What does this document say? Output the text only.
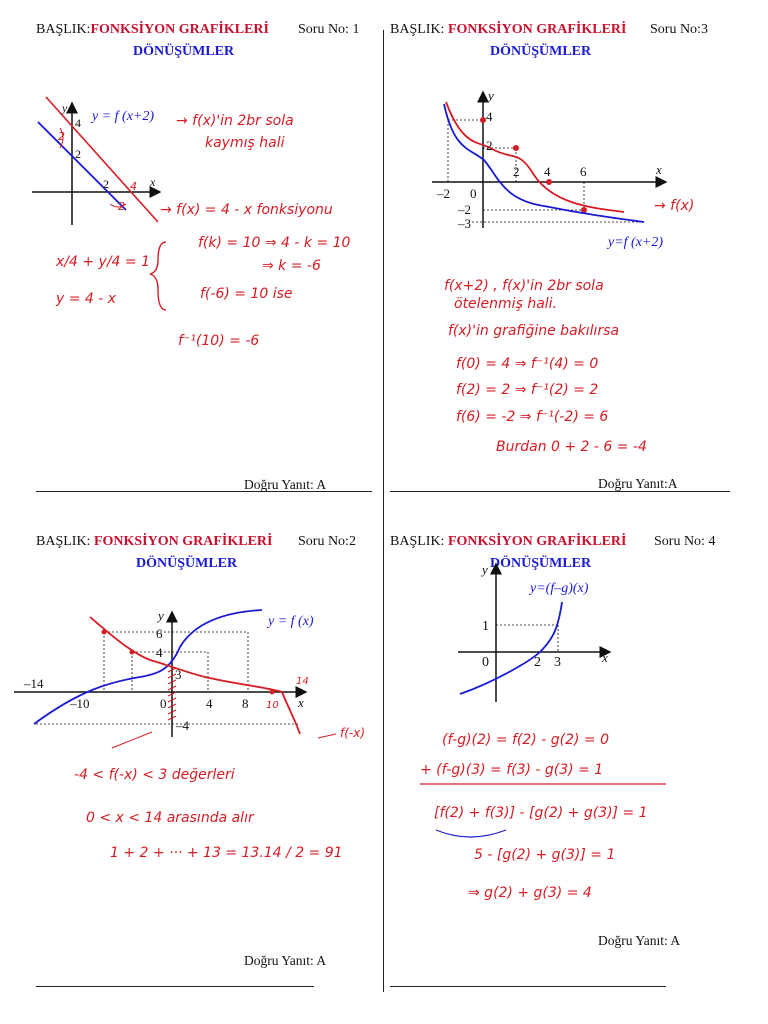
BAŞLIK:FONKSİYON GRAFİKLERİ Soru No: 1
DÖNÜŞÜMLER
x
y
y = f (x+2)
4
2
2
2
2
4
→ f(x)'in 2br sola
kaymış hali
→ f(x) = 4 - x fonksiyonu
x/4 + y/4 = 1
y = 4 - x
f(k) = 10 ⇒ 4 - k = 10
⇒ k = -6
f(-6) = 10 ise
f⁻¹(10) = -6
Doğru Yanıt: A
BAŞLIK: FONKSİYON GRAFİKLERİ Soru No:3
DÖNÜŞÜMLER
x
y
4
2
–2 0
2 4 6
–2
–3
y=f (x+2)
→ f(x)
f(x+2) , f(x)'in 2br sola
ötelenmiş hali.
f(x)'in grafiğine bakılırsa
f(0) = 4 ⇒ f⁻¹(4) = 0
f(2) = 2 ⇒ f⁻¹(2) = 2
f(6) = -2 ⇒ f⁻¹(-2) = 6
Burdan 0 + 2 - 6 = -4
Doğru Yanıt:A
BAŞLIK: FONKSİYON GRAFİKLERİ Soru No:2
DÖNÜŞÜMLER
x
y
6
4
3
–14
–10	0	4 8 10
14
–4
y = f (x)
f(-x)
-4 < f(-x) < 3 değerleri
0 < x < 14 arasında alır
1 + 2 + ··· + 13 = 13.14 / 2 = 91
Doğru Yanıt: A
BAŞLIK: FONKSİYON GRAFİKLERİ Soru No: 4
DÖNÜŞÜMLER
x
y
1
0	2 3
y=(f–g)(x)
(f-g)(2) = f(2) - g(2) = 0
+ (f-g)(3) = f(3) - g(3) = 1
[f(2) + f(3)] - [g(2) + g(3)] = 1
5 - [g(2) + g(3)] = 1
⇒ g(2) + g(3) = 4
Doğru Yanıt: A
